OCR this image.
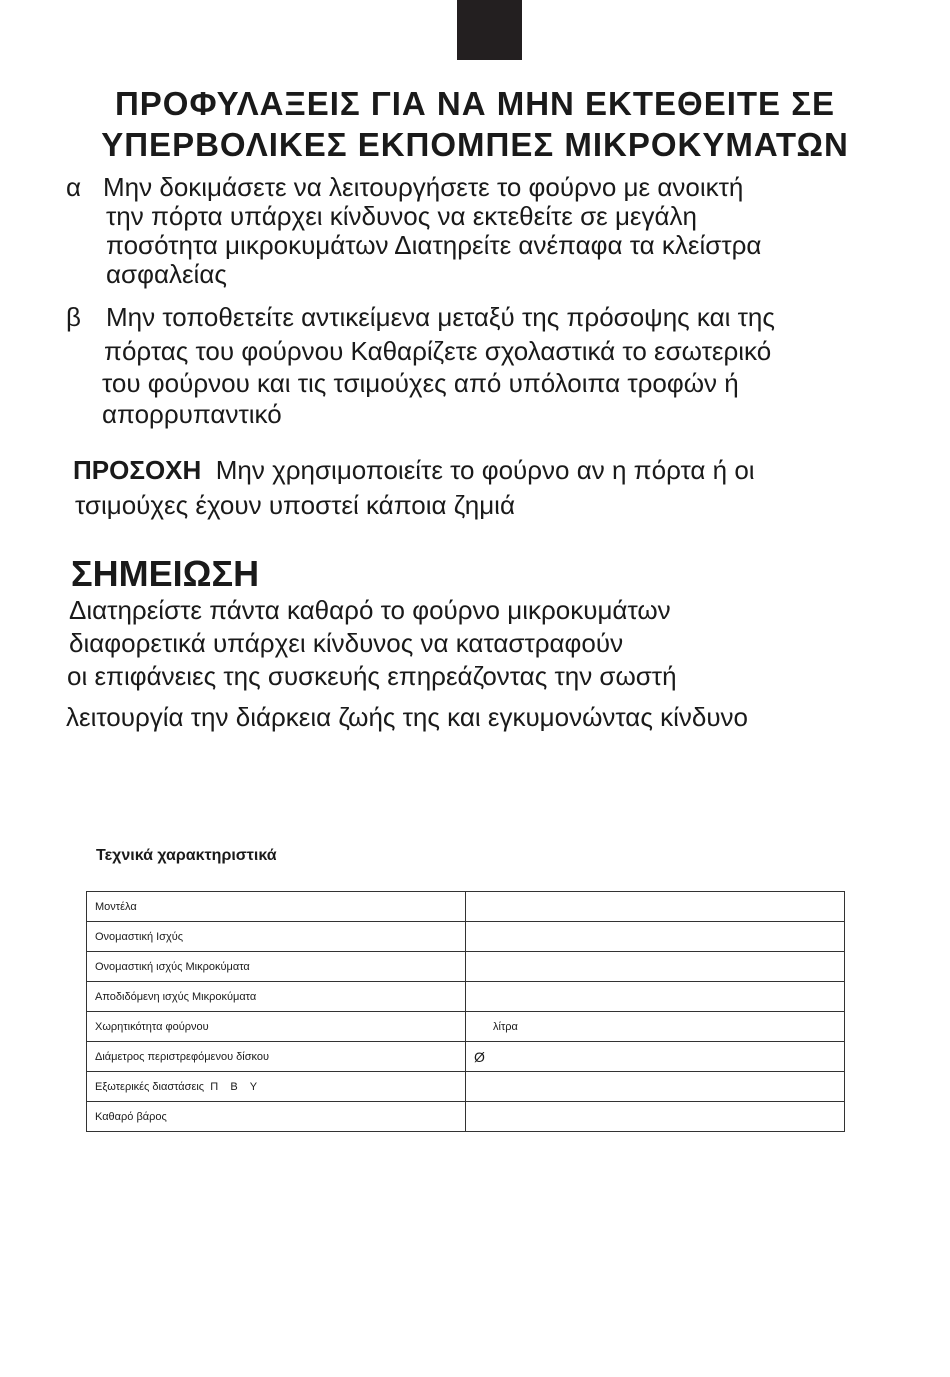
ΠΡΟΦΥΛΑΞΕΙΣ ΓΙΑ ΝΑ ΜΗΝ ΕΚΤΕΘΕΙΤΕ ΣΕ
ΥΠΕΡΒΟΛΙΚΕΣ ΕΚΠΟΜΠΕΣ ΜΙΚΡΟΚΥΜΑΤΩΝ

α Μην δοκιμάσετε να λειτουργήσετε το φούρνο με ανοικτή

την πόρτα υπάρχει κίνδυνος να εκτεθείτε σε μεγάλη

ποσότητα μικροκυμάτων Διατηρείτε ανέπαφα τα κλείστρα

ασφαλείας

β Μην τοποθετείτε αντικείμενα μεταξύ της πρόσοψης και της

πόρτας του φούρνου Καθαρίζετε σχολαστικά το εσωτερικό

του φούρνου και τις τσιμούχες από υπόλοιπα τροφών ή

απορρυπαντικό

ΠΡΟΣΟΧΗ Μην χρησιμοποιείτε το φούρνο αν η πόρτα ή οι

τσιμούχες έχουν υποστεί κάποια ζημιά

ΣΗΜΕΙΩΣΗ

Διατηρείστε πάντα καθαρό το φούρνο μικροκυμάτων

διαφορετικά υπάρχει κίνδυνος να καταστραφούν

οι επιφάνειες της συσκευής επηρεάζοντας την σωστή

λειτουργία την διάρκεια ζωής της και εγκυμονώντας κίνδυνο

Τεχνικά χαρακτηριστικά
Μοντέλα	
Ονομαστική Ισχύς	
Ονομαστική ισχύς Μικροκύματα	
Αποδιδόμενη ισχύς Μικροκύματα	
Χωρητικότητα φούρνου	λίτρα
Διάμετρος περιστρεφόμενου δίσκου	Ø
Εξωτερικές διαστάσεις  Π    Β    Υ	
Καθαρό βάρος	
